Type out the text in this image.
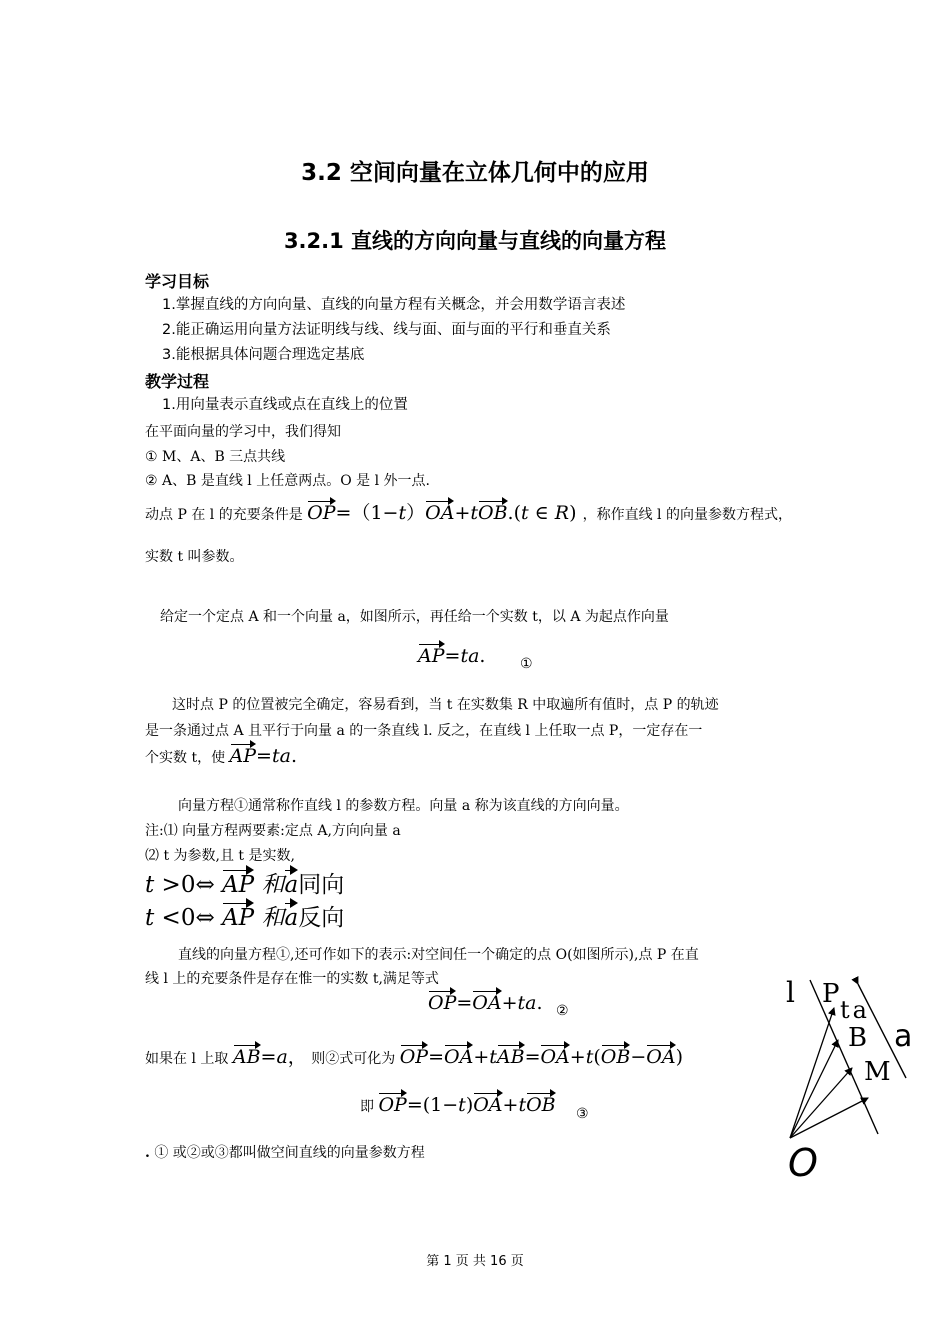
3.2 空间向量在立体几何中的应用
3.2.1 直线的方向向量与直线的向量方程
学习目标
1.掌握直线的方向向量、直线的向量方程有关概念，并会用数学语言表述
2.能正确运用向量方法证明线与线、线与面、面与面的平行和垂直关系
3.能根据具体问题合理选定基底
教学过程
1.用向量表示直线或点在直线上的位置
在平面向量的学习中，我们得知
① M、A、B 三点共线
② A、B 是直线 l 上任意两点。O 是 l 外一点.
动点 P 在 l 的充要条件是 OP=（1−t）OA+tOB.(t ∈ R) ，称作直线 l 的向量参数方程式，
实数 t 叫参数。
给定一个定点 A 和一个向量 a，如图所示，再任给一个实数 t，以 A 为起点作向量
AP=ta. ①
这时点 P 的位置被完全确定，容易看到，当 t 在实数集 R 中取遍所有值时，点 P 的轨迹
是一条通过点 A 且平行于向量 a 的一条直线 l. 反之，在直线 l 上任取一点 P，一定存在一
个实数 t，使 AP=ta.
向量方程①通常称作直线 l 的参数方程。向量 a 称为该直线的方向向量。
注:⑴ 向量方程两要素:定点 A,方向向量 a
⑵ t 为参数,且 t 是实数,
t >0⇔ AP 和a同向
t <0⇔ AP 和a反向
直线的向量方程①,还可作如下的表示:对空间任一个确定的点 O(如图所示),点 P 在直
线 l 上的充要条件是存在惟一的实数 t,满足等式
OP=OA+ta. ②
如果在 l 上取 AB=a， 则②式可化为 OP=OA+tAB=OA+t(OB−OA)
即 OP=(1−t)OA+tOB ③
. ① 或②或③都叫做空间直线的向量参数方程
l P
ta
B a
M
O
第 1 页 共 16 页
